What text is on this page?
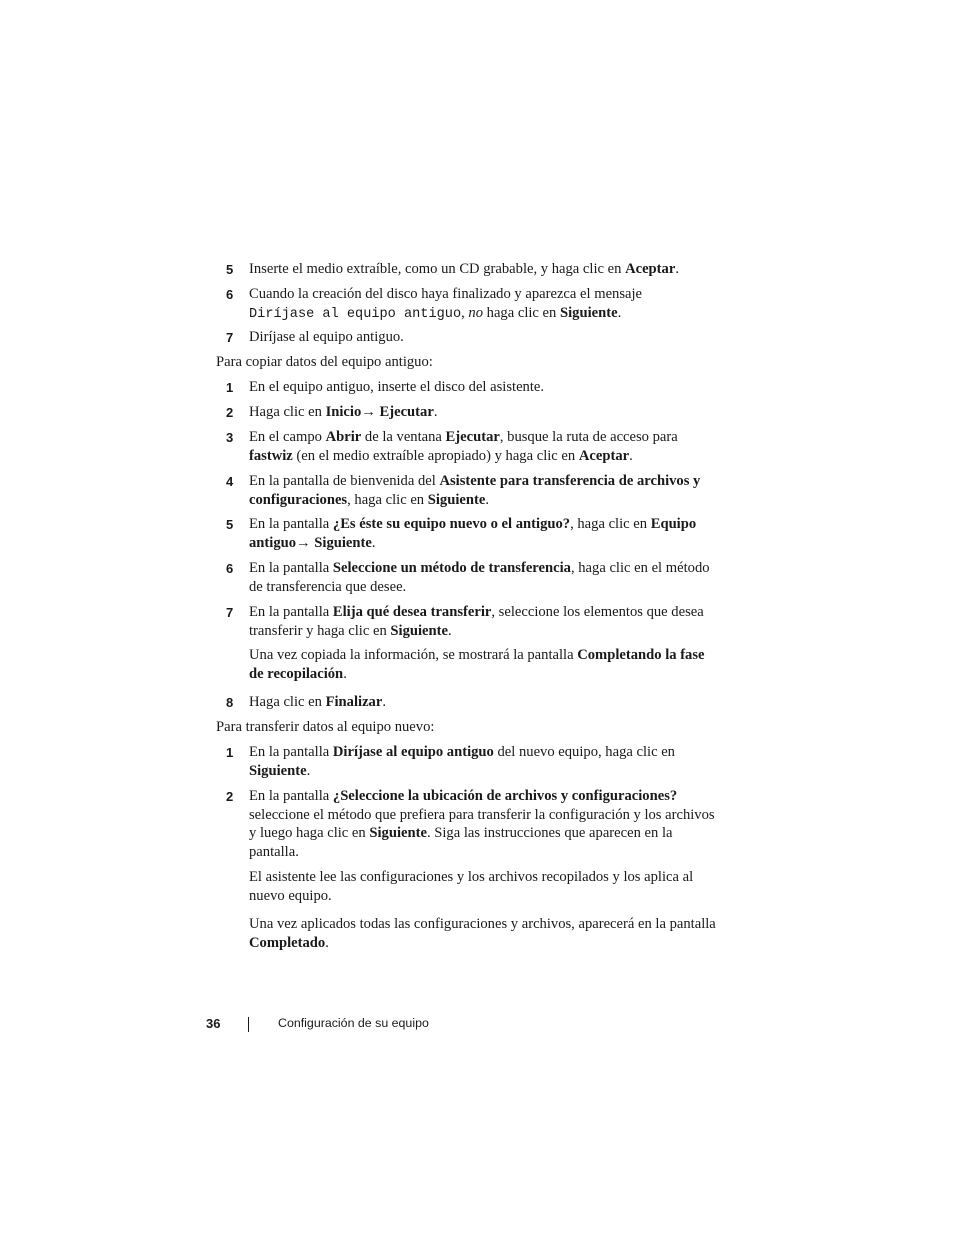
5	Inserte el medio extraíble, como un CD grabable, y haga clic en Aceptar.
6	Cuando la creación del disco haya finalizado y aparezca el mensaje
Diríjase al equipo antiguo, no haga clic en Siguiente.
7	Diríjase al equipo antiguo.
Para copiar datos del equipo antiguo:
1	En el equipo antiguo, inserte el disco del asistente.
2	Haga clic en Inicio→ Ejecutar.
3	En el campo Abrir de la ventana Ejecutar, busque la ruta de acceso para fastwiz (en el medio extraíble apropiado) y haga clic en Aceptar.
4	En la pantalla de bienvenida del Asistente para transferencia de archivos y configuraciones, haga clic en Siguiente.
5	En la pantalla ¿Es éste su equipo nuevo o el antiguo?, haga clic en Equipo antiguo→ Siguiente.
6	En la pantalla Seleccione un método de transferencia, haga clic en el método de transferencia que desee.
7	En la pantalla Elija qué desea transferir, seleccione los elementos que desea transferir y haga clic en Siguiente.
Una vez copiada la información, se mostrará la pantalla Completando la fase de recopilación.
8	Haga clic en Finalizar.
Para transferir datos al equipo nuevo:
1	En la pantalla Diríjase al equipo antiguo del nuevo equipo, haga clic en Siguiente.
2	En la pantalla ¿Seleccione la ubicación de archivos y configuraciones? seleccione el método que prefiera para transferir la configuración y los archivos y luego haga clic en Siguiente. Siga las instrucciones que aparecen en la pantalla.
El asistente lee las configuraciones y los archivos recopilados y los aplica al nuevo equipo.
Una vez aplicados todas las configuraciones y archivos, aparecerá en la pantalla Completado.
36	Configuración de su equipo
